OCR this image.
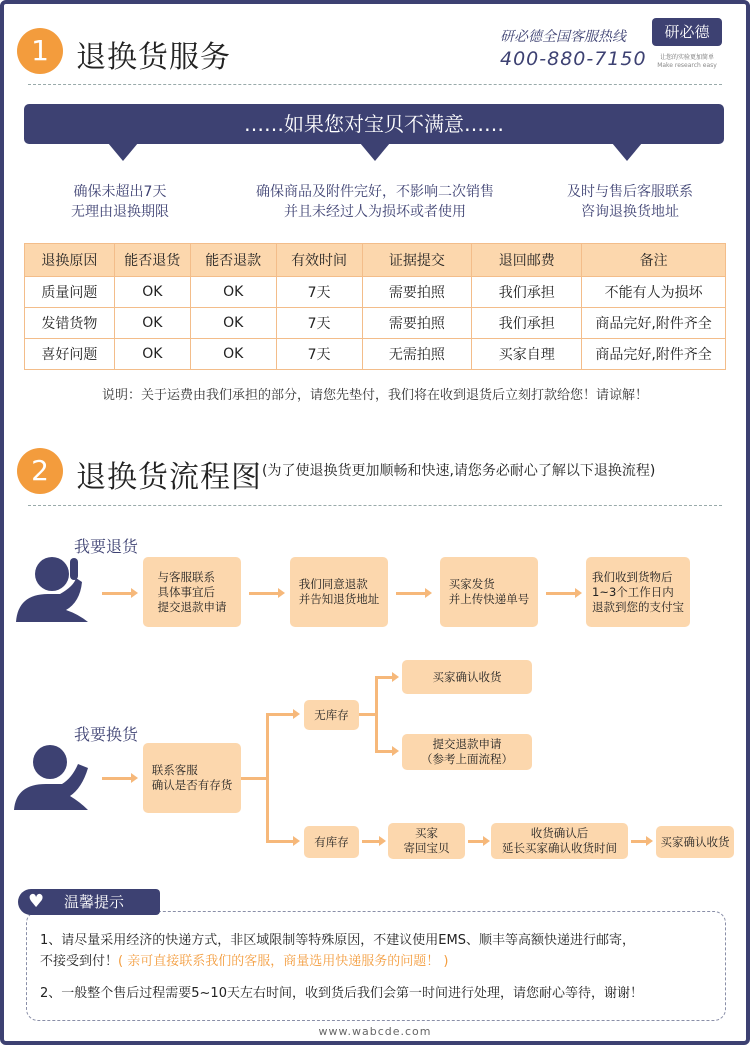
1 退换货服务
研必德全国客服热线
400-880-7150
研必德
让您的实验更加简单
Make research easy
……如果您对宝贝不满意……
确保未超出7天
无理由退换期限
确保商品及附件完好，不影响二次销售
并且未经过人为损坏或者使用
及时与售后客服联系
咨询退换货地址
退换原因	能否退货	能否退款	有效时间	证据提交	退回邮费	备注
质量问题	OK	OK	7天	需要拍照	我们承担	不能有人为损坏
发错货物	OK	OK	7天	需要拍照	我们承担	商品完好,附件齐全
喜好问题	OK	OK	7天	无需拍照	买家自理	商品完好,附件齐全
说明：关于运费由我们承担的部分，请您先垫付，我们将在收到退货后立刻打款给您！请谅解！
2 退换货流程图 (为了使退换货更加顺畅和快速,请您务必耐心了解以下退换流程)
我要退货
与客服联系
具体事宜后
提交退款申请
我们同意退款
并告知退货地址
买家发货
并上传快递单号
我们收到货物后
1~3个工作日内
退款到您的支付宝
我要换货
联系客服
确认是否有存货
无库存
买家确认收货
提交退款申请
（参考上面流程）
有库存
买家
寄回宝贝
收货确认后
延长买家确认收货时间	买家确认收货
温馨提示
♥
1、请尽量采用经济的快递方式，非区域限制等特殊原因，不建议使用EMS、顺丰等高额快递进行邮寄，
不接受到付！( 亲可直接联系我们的客服，商量选用快递服务的问题！ )
2、一般整个售后过程需要5~10天左右时间，收到货后我们会第一时间进行处理，请您耐心等待，谢谢！
www.wabcde.com
